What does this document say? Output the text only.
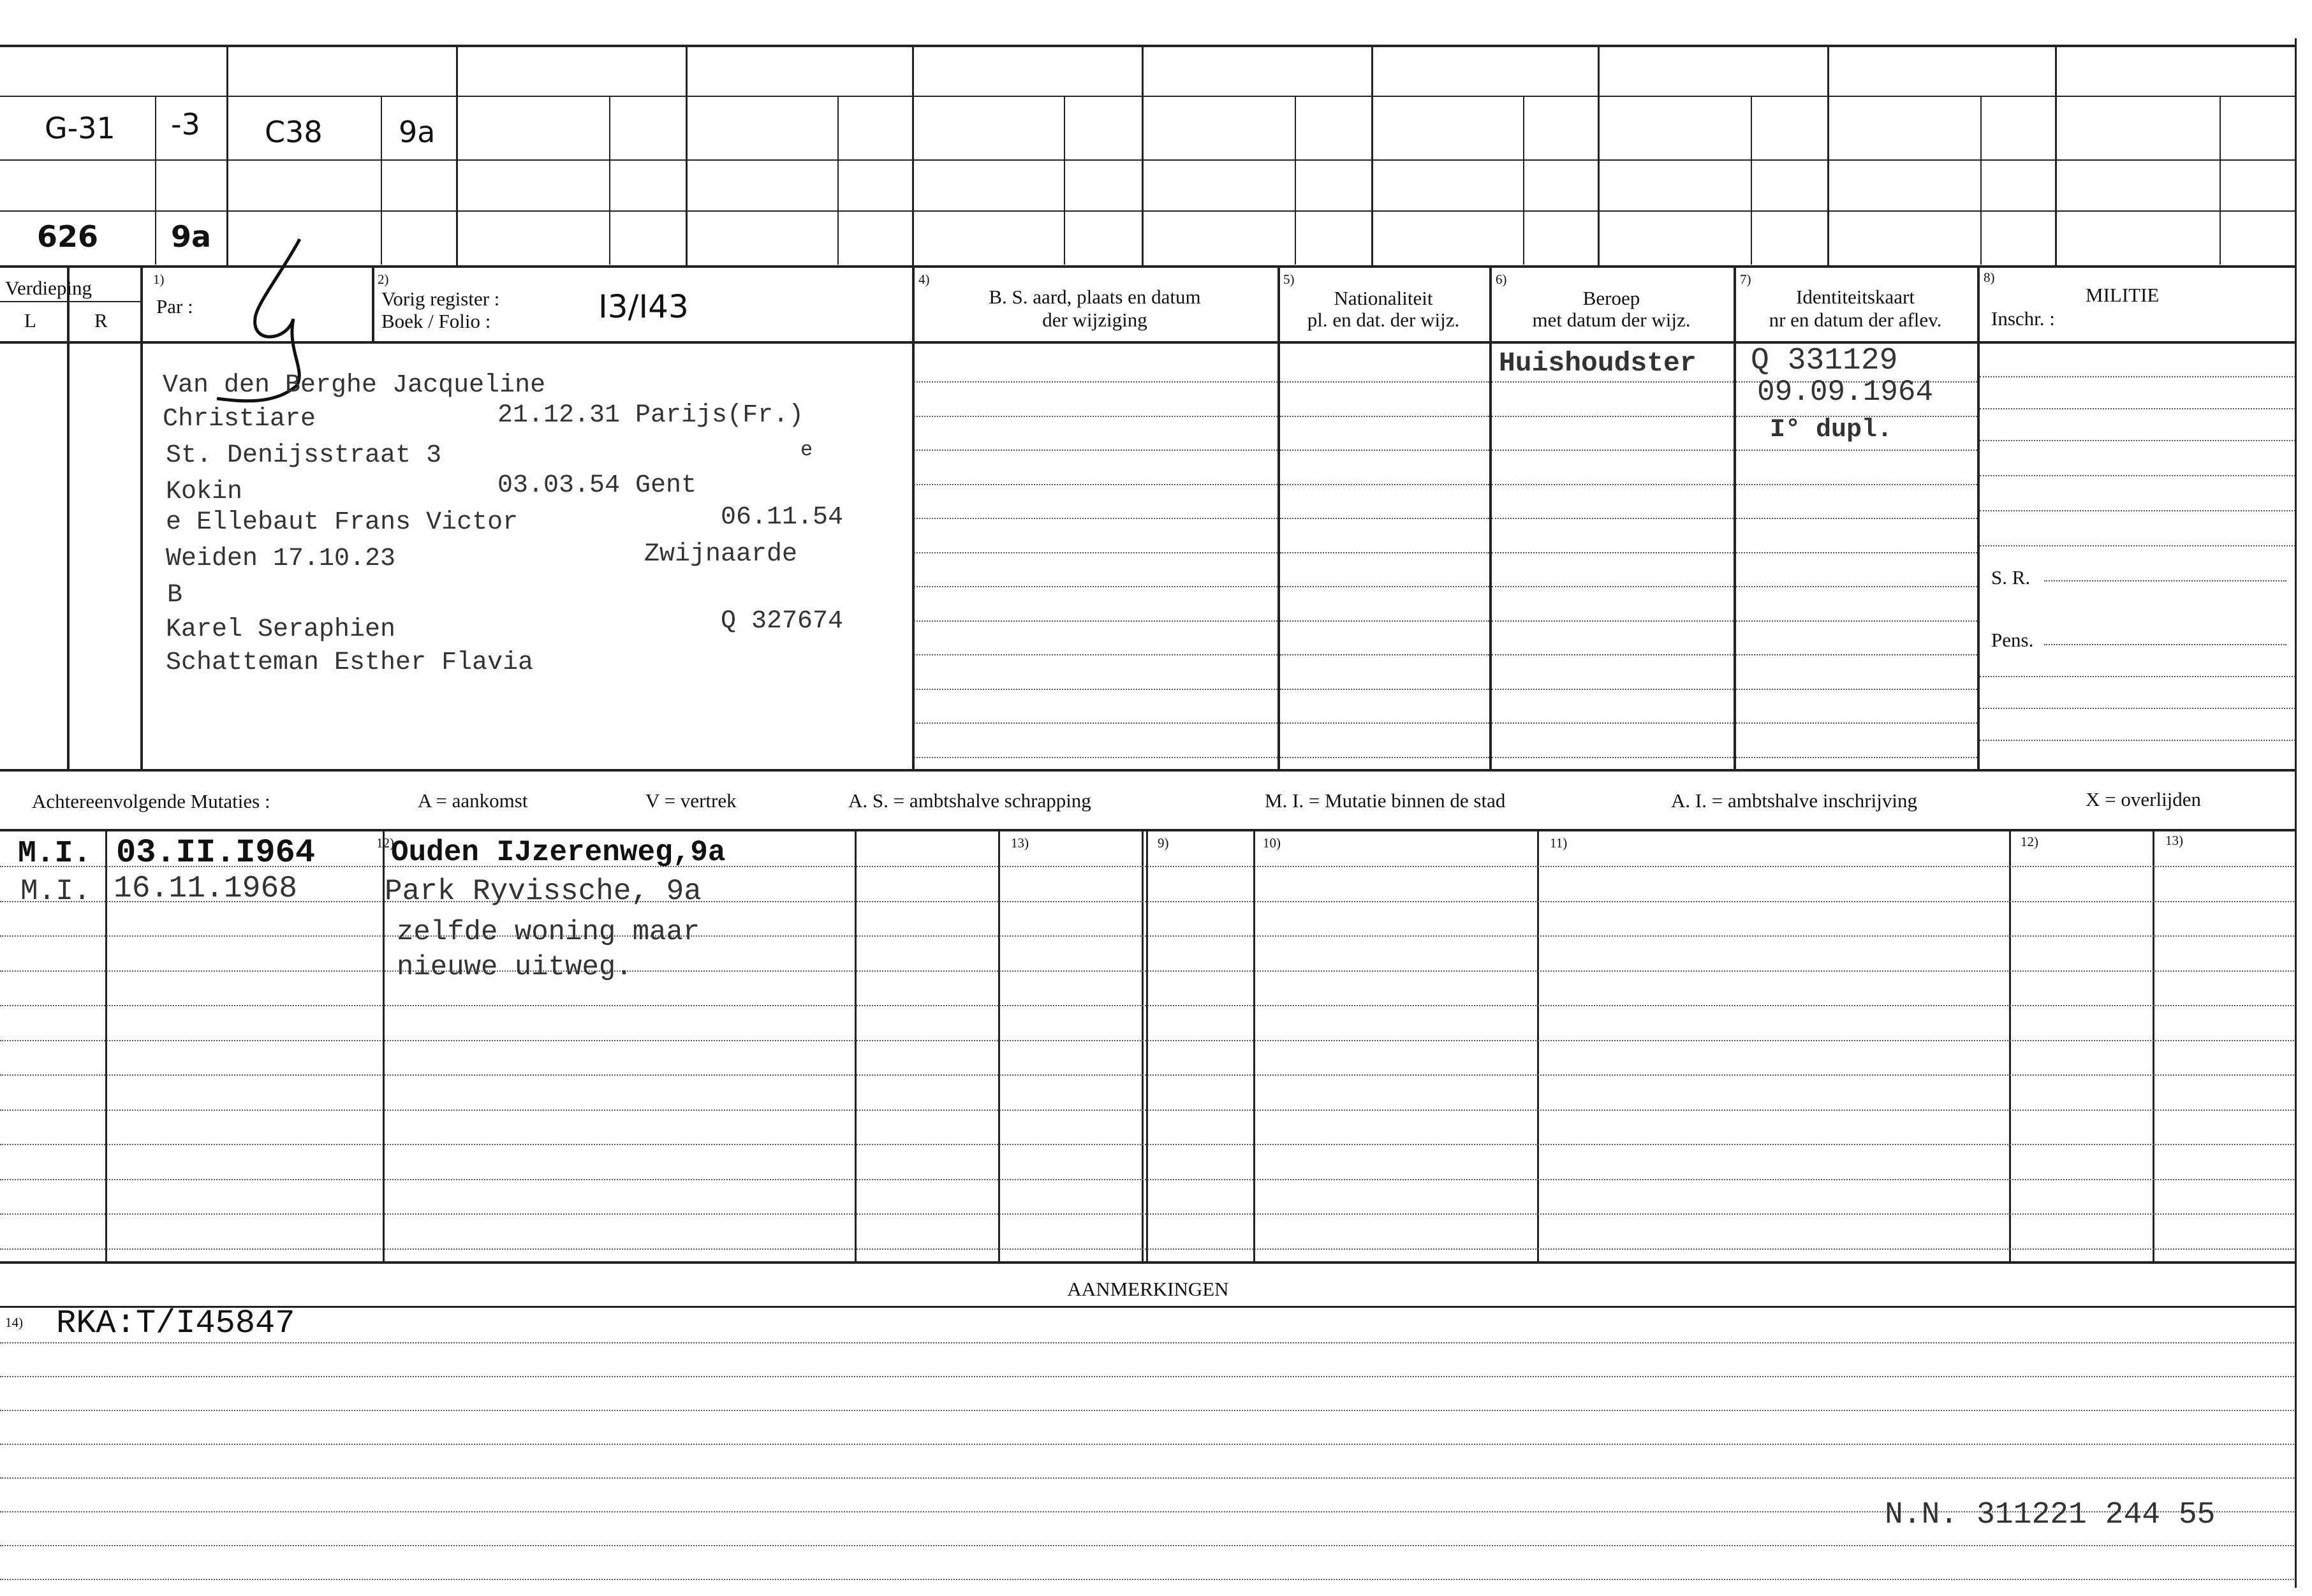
G-31 -3 C38	9a
626 9a
Verdieping
L	R
1)
Par :
2)
Vorig register :
Boek / Folio :	I3/I43
4)
B. S. aard, plaats en datum
der wijziging
5)
Nationaliteit
pl. en dat. der wijz.
6)
Beroep
met datum der wijz.
7)
Identiteitskaart
nr en datum der aflev.
8)
MILITIE
Inschr. :
S. R.
Pens.
Van den Berghe Jacqueline
Christiare	21.12.31 Parijs(Fr.)
e
St. Denijsstraat 3
Kokin	03.03.54 Gent
e Ellebaut Frans Victor	06.11.54
Weiden 17.10.23	Zwijnaarde
B
Karel Seraphien	Q 327674
Schatteman Esther Flavia
Huishoudster Q 331129
09.09.1964
I° dupl.
Achtereenvolgende Mutaties :	A = aankomst	V = vertrek	A. S. = ambtshalve schrapping	M. I. = Mutatie binnen de stad	A. I. = ambtshalve inschrijving	X = overlijden
12)	13)	9)	10)	11)	12)	13)
M.I. 03.II.I964	Ouden IJzerenweg,9a
M.I. 16.11.1968	Park Ryvissche, 9a
zelfde woning maar
nieuwe uitweg.
AANMERKINGEN
14) RKA:T/I45847
N.N. 311221 244 55
